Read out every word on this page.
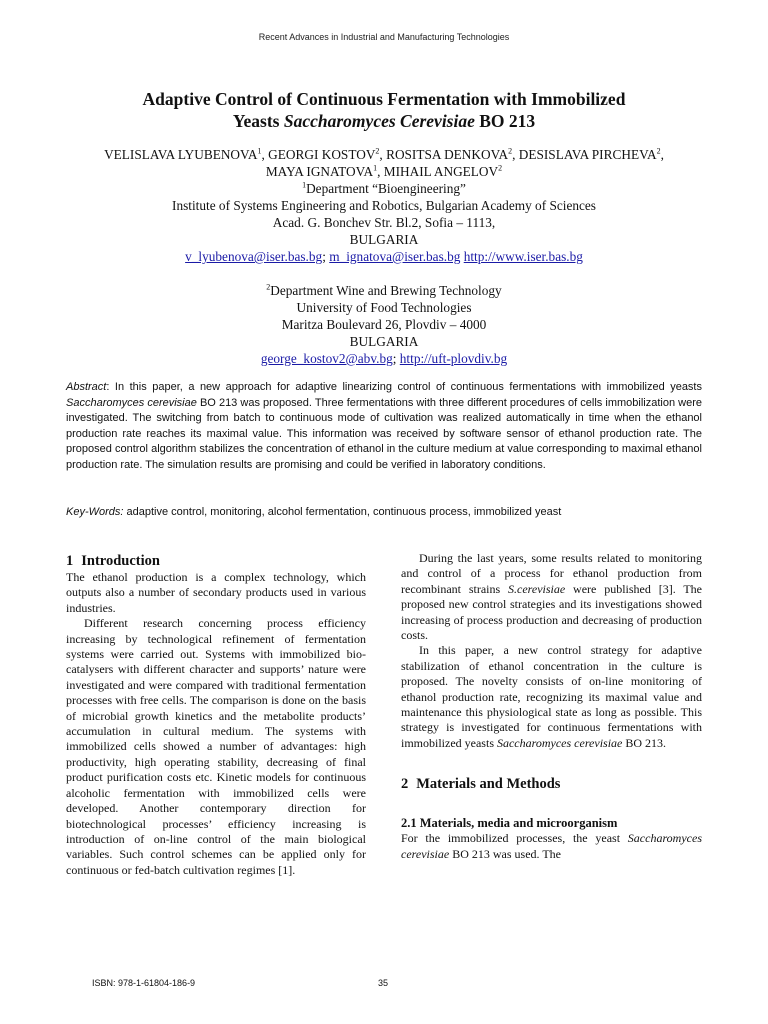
Recent Advances in Industrial and Manufacturing Technologies
Adaptive Control of Continuous Fermentation with Immobilized
Yeasts Saccharomyces Cerevisiae BO 213
VELISLAVA LYUBENOVA$^1$, GEORGI KOSTOV$^2$, ROSITSA DENKOVA$^2$, DESISLAVA PIRCHEVA$^2$, MAYA IGNATOVA$^1$, MIHAIL ANGELOV$^2$
$^1$Department “Bioengineering”
Institute of Systems Engineering and Robotics, Bulgarian Academy of Sciences
Acad. G. Bonchev Str. Bl.2, Sofia – 1113,
BULGARIA
v_lyubenova@iser.bas.bg; m_ignatova@iser.bas.bg http://www.iser.bas.bg
$^2$Department Wine and Brewing Technology
University of Food Technologies
Maritza Boulevard 26, Plovdiv – 4000
BULGARIA
george_kostov2@abv.bg; http://uft-plovdiv.bg
Abstract: In this paper, a new approach for adaptive linearizing control of continuous fermentations with immobilized yeasts Saccharomyces cerevisiae BO 213 was proposed. Three fermentations with three different procedures of cells immobilization were investigated. The switching from batch to continuous mode of cultivation was realized automatically in time when the ethanol production rate reaches its maximal value. This information was received by software sensor of ethanol production rate. The proposed control algorithm stabilizes the concentration of ethanol in the culture medium at value corresponding to maximal ethanol production rate. The simulation results are promising and could be verified in laboratory conditions.
Key-Words: adaptive control, monitoring, alcohol fermentation, continuous process, immobilized yeast
1 Introduction

The ethanol production is a complex technology, which outputs also a number of secondary products used in various industries.

Different research concerning process efficiency increasing by technological refinement of fermentation systems were carried out. Systems with immobilized bio-catalysers with different character and supports’ nature were investigated and were compared with traditional fermentation processes with free cells. The comparison is done on the basis of microbial growth kinetics and the metabolite products’ accumulation in cultural medium. The systems with immobilized cells showed a number of advantages: high productivity, high operating stability, decreasing of final product purification costs etc. Kinetic models for continuous alcoholic fermentation with immobilized cells were developed. Another contemporary direction for biotechnological processes’ efficiency increasing is introduction of on-line control of the main biological variables. Such control schemes can be applied only for continuous or fed-batch cultivation regimes [1].

During the last years, some results related to monitoring and control of a process for ethanol production from recombinant strains S.cerevisiae were published [3]. The proposed new control strategies and its investigations showed increasing of process production and decreasing of production costs.

In this paper, a new control strategy for adaptive stabilization of ethanol concentration in the culture is proposed. The novelty consists of on-line monitoring of ethanol production rate, recognizing its maximal value and maintenance this physiological state as long as possible. This strategy is investigated for continuous fermentations with immobilized yeasts Saccharomyces cerevisiae BO 213.

2 Materials and Methods
2.1 Materials, media and microorganism

For the immobilized processes, the yeast Saccharomyces cerevisiae BO 213 was used. The

ISBN: 978-1-61804-186-9	35
